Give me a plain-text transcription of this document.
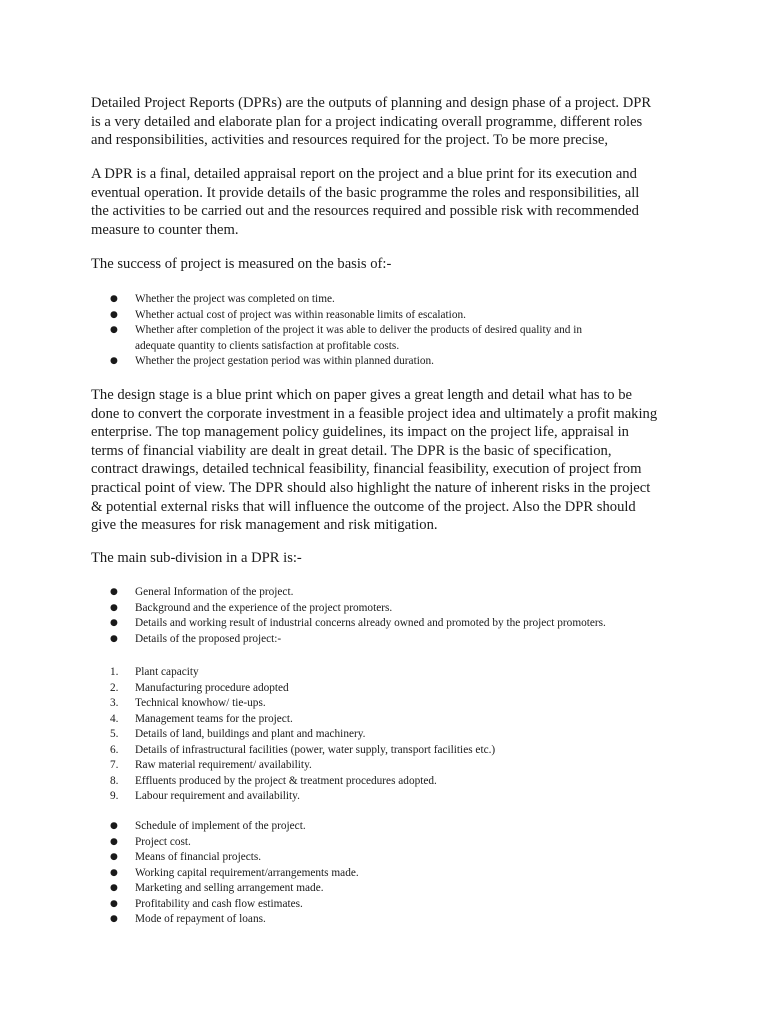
Detailed Project Reports (DPRs) are the outputs of planning and design phase of a project. DPR
is a very detailed and elaborate plan for a project indicating overall programme, different roles
and responsibilities, activities and resources required for the project. To be more precise,

A DPR is a final, detailed appraisal report on the project and a blue print for its execution and
eventual operation. It provide details of the basic programme the roles and responsibilities, all
the activities to be carried out and the resources required and possible risk with recommended
measure to counter them.

The success of project is measured on the basis of:-

● Whether the project was completed on time.
● Whether actual cost of project was within reasonable limits of escalation.
● Whether after completion of the project it was able to deliver the products of desired quality and in
adequate quantity to clients satisfaction at profitable costs.
● Whether the project gestation period was within planned duration.

The design stage is a blue print which on paper gives a great length and detail what has to be
done to convert the corporate investment in a feasible project idea and ultimately a profit making
enterprise. The top management policy guidelines, its impact on the project life, appraisal in
terms of financial viability are dealt in great detail. The DPR is the basic of specification,
contract drawings, detailed technical feasibility, financial feasibility, execution of project from
practical point of view. The DPR should also highlight the nature of inherent risks in the project
& potential external risks that will influence the outcome of the project. Also the DPR should
give the measures for risk management and risk mitigation.

The main sub-division in a DPR is:-

● General Information of the project.
● Background and the experience of the project promoters.
● Details and working result of industrial concerns already owned and promoted by the project promoters.
● Details of the proposed project:-
1.	Plant capacity
2.	Manufacturing procedure adopted
3.	Technical knowhow/ tie-ups.
4.	Management teams for the project.
5.	Details of land, buildings and plant and machinery.
6.	Details of infrastructural facilities (power, water supply, transport facilities etc.)
7.	Raw material requirement/ availability.
8.	Effluents produced by the project & treatment procedures adopted.
9.	Labour requirement and availability.
● Schedule of implement of the project.
● Project cost.
● Means of financial projects.
● Working capital requirement/arrangements made.
● Marketing and selling arrangement made.
● Profitability and cash flow estimates.
● Mode of repayment of loans.
